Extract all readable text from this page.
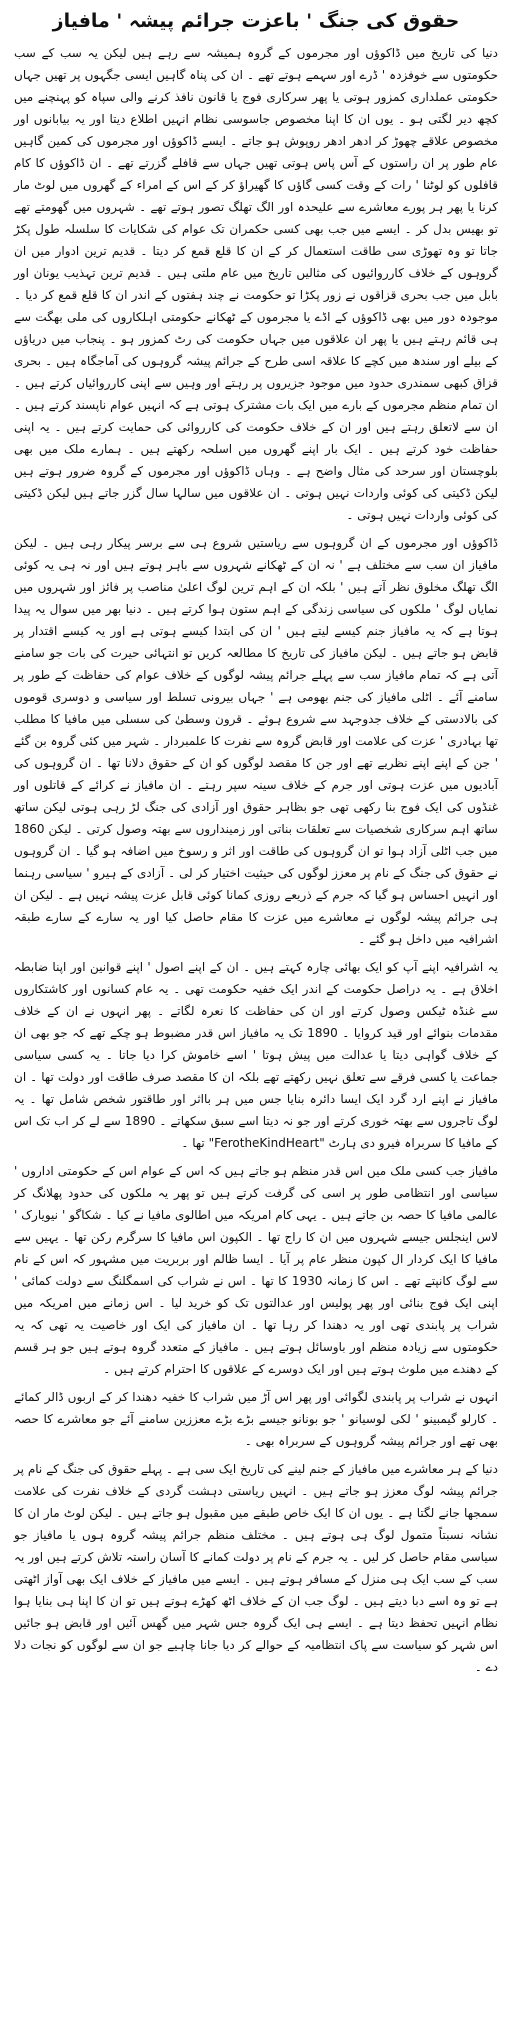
حقوق کی جنگ ' باعزت جرائم پیشہ ' مافیاز

دنیا کی تاریخ میں ڈاکوؤں اور مجرموں کے گروہ ہمیشہ سے رہے ہیں لیکن یہ سب کے سب حکومتوں سے خوفزدہ ' ڈرے اور سہمے ہوتے تھے ۔ ان کی پناہ گاہیں ایسی جگہوں پر تھیں جہاں حکومتی عملداری کمزور ہوتی یا پھر سرکاری فوج یا قانون نافذ کرنے والی سپاہ کو پہنچنے میں کچھ دیر لگتی ہو ۔ یوں ان کا اپنا مخصوص جاسوسی نظام انہیں اطلاع دیتا اور یہ بیابانوں اور مخصوص علاقے چھوڑ کر ادھر ادھر روپوش ہو جاتے ۔ ایسے ڈاکوؤں اور مجرموں کی کمین گاہیں عام طور پر ان راستوں کے آس پاس ہوتی تھیں جہاں سے قافلے گزرتے تھے ۔ ان ڈاکوؤں کا کام قافلوں کو لوٹنا ' رات کے وقت کسی گاؤں کا گھیراؤ کر کے اس کے امراء کے گھروں میں لوٹ مار کرنا یا پھر ہر پورے معاشرے سے علیحدہ اور الگ تھلگ تصور ہوتے تھے ۔ شہروں میں گھومتے تھے تو بھیس بدل کر ۔ ایسے میں جب بھی کسی حکمران تک عوام کی شکایات کا سلسلہ طول پکڑ جاتا تو وہ تھوڑی سی طاقت استعمال کر کے ان کا قلع قمع کر دیتا ۔ قدیم ترین ادوار میں ان گروہوں کے خلاف کارروائیوں کی مثالیں تاریخ میں عام ملتی ہیں ۔ قدیم ترین تہذیب یونان اور بابل میں جب بحری قزاقوں نے زور پکڑا تو حکومت نے چند ہفتوں کے اندر ان کا قلع قمع کر دیا ۔ موجودہ دور میں بھی ڈاکوؤں کے اڈے یا مجرموں کے ٹھکانے حکومتی اہلکاروں کی ملی بھگت سے ہی قائم رہتے ہیں یا پھر ان علاقوں میں جہاں حکومت کی رٹ کمزور ہو ۔ پنجاب میں دریاؤں کے بیلے اور سندھ میں کچے کا علاقہ اسی طرح کے جرائم پیشہ گروہوں کی آماجگاہ ہیں ۔ بحری قزاق کبھی سمندری حدود میں موجود جزیروں پر رہتے اور وہیں سے اپنی کارروائیاں کرتے ہیں ۔ ان تمام منظم مجرموں کے بارے میں ایک بات مشترک ہوتی ہے کہ انہیں عوام ناپسند کرتے ہیں ۔ ان سے لاتعلق رہتے ہیں اور ان کے خلاف حکومت کی کارروائی کی حمایت کرتے ہیں ۔ یہ اپنی حفاظت خود کرتے ہیں ۔ ایک بار اپنے گھروں میں اسلحہ رکھتے ہیں ۔ ہمارے ملک میں بھی بلوچستان اور سرحد کی مثال واضح ہے ۔ وہاں ڈاکوؤں اور مجرموں کے گروہ ضرور ہوتے ہیں لیکن ڈکیتی کی کوئی واردات نہیں ہوتی ۔ ان علاقوں میں سالہا سال گزر جاتے ہیں لیکن ڈکیتی کی کوئی واردات نہیں ہوتی ۔

ڈاکوؤں اور مجرموں کے ان گروہوں سے ریاستیں شروع ہی سے برسر پیکار رہی ہیں ۔ لیکن مافیاز ان سب سے مختلف ہے ' نہ ان کے ٹھکانے شہروں سے باہر ہوتے ہیں اور نہ ہی یہ کوئی الگ تھلگ مخلوق نظر آتے ہیں ' بلکہ ان کے اہم ترین لوگ اعلیٰ مناصب پر فائز اور شہروں میں نمایاں لوگ ' ملکوں کی سیاسی زندگی کے اہم ستون ہوا کرتے ہیں ۔ دنیا بھر میں سوال یہ پیدا ہوتا ہے کہ یہ مافیاز جنم کیسے لیتے ہیں ' ان کی ابتدا کیسے ہوتی ہے اور یہ کیسے اقتدار پر قابض ہو جاتے ہیں ۔ لیکن مافیاز کی تاریخ کا مطالعہ کریں تو انتہائی حیرت کی بات جو سامنے آتی ہے کہ تمام مافیاز سب سے پہلے جرائم پیشہ لوگوں کے خلاف عوام کی حفاظت کے طور پر سامنے آئے ۔ اٹلی مافیاز کی جنم بھومی ہے ' جہاں بیرونی تسلط اور سیاسی و دوسری قوموں کی بالادستی کے خلاف جدوجہد سے شروع ہوئے ۔ قرون وسطیٰ کی سسلی میں مافیا کا مطلب تھا بہادری ' عزت کی علامت اور قابض گروہ سے نفرت کا علمبردار ۔ شہر میں کئی گروہ بن گئے ' جن کے اپنے اپنے نظریے تھے اور جن کا مقصد لوگوں کو ان کے حقوق دلانا تھا ۔ ان گروہوں کی آبادیوں میں عزت ہوتی اور جرم کے خلاف سینہ سپر رہتے ۔ ان مافیاز نے کرائے کے قاتلوں اور غنڈوں کی ایک فوج بنا رکھی تھی جو بظاہر حقوق اور آزادی کی جنگ لڑ رہی ہوتی لیکن ساتھ ساتھ اہم سرکاری شخصیات سے تعلقات بناتی اور زمینداروں سے بھتہ وصول کرتی ۔ لیکن 1860 میں جب اٹلی آزاد ہوا تو ان گروہوں کی طاقت اور اثر و رسوخ میں اضافہ ہو گیا ۔ ان گروہوں نے حقوق کی جنگ کے نام پر معزز لوگوں کی حیثیت اختیار کر لی ۔ آزادی کے ہیرو ' سیاسی رہنما اور انہیں احساس ہو گیا کہ جرم کے ذریعے روزی کمانا کوئی قابل عزت پیشہ نہیں ہے ۔ لیکن ان ہی جرائم پیشہ لوگوں نے معاشرے میں عزت کا مقام حاصل کیا اور یہ سارے کے سارے طبقہ اشرافیہ میں داخل ہو گئے ۔

یہ اشرافیہ اپنے آپ کو ایک بھائی چارہ کہتے ہیں ۔ ان کے اپنے اصول ' اپنے قوانین اور اپنا ضابطہ اخلاق ہے ۔ یہ دراصل حکومت کے اندر ایک خفیہ حکومت تھی ۔ یہ عام کسانوں اور کاشتکاروں سے غنڈہ ٹیکس وصول کرتے اور ان کی حفاظت کا نعرہ لگاتے ۔ پھر انہوں نے ان کے خلاف مقدمات بنوائے اور قید کروایا ۔ 1890 تک یہ مافیاز اس قدر مضبوط ہو چکے تھے کہ جو بھی ان کے خلاف گواہی دیتا یا عدالت میں پیش ہوتا ' اسے خاموش کرا دیا جاتا ۔ یہ کسی سیاسی جماعت یا کسی فرقے سے تعلق نہیں رکھتے تھے بلکہ ان کا مقصد صرف طاقت اور دولت تھا ۔ ان مافیاز نے اپنے ارد گرد ایک ایسا دائرہ بنایا جس میں ہر بااثر اور طاقتور شخص شامل تھا ۔ یہ لوگ تاجروں سے بھتہ خوری کرتے اور جو نہ دیتا اسے سبق سکھاتے ۔ 1890 سے لے کر اب تک اس کے مافیا کا سربراہ فیرو دی ہارٹ "FerotheKindHeart" تھا ۔

مافیاز جب کسی ملک میں اس قدر منظم ہو جاتے ہیں کہ اس کے عوام اس کے حکومتی اداروں ' سیاسی اور انتظامی طور پر اسی کی گرفت کرتے ہیں تو پھر یہ ملکوں کی حدود پھلانگ کر عالمی مافیا کا حصہ بن جاتے ہیں ۔ یہی کام امریکہ میں اطالوی مافیا نے کیا ۔ شکاگو ' نیویارک ' لاس اینجلس جیسے شہروں میں ان کا راج تھا ۔ الکپون اس مافیا کا سرگرم رکن تھا ۔ یہیں سے مافیا کا ایک کردار ال کپون منظر عام پر آیا ۔ ایسا ظالم اور بربریت میں مشہور کہ اس کے نام سے لوگ کانپتے تھے ۔ اس کا زمانہ 1930 کا تھا ۔ اس نے شراب کی اسمگلنگ سے دولت کمائی ' اپنی ایک فوج بنائی اور پھر پولیس اور عدالتوں تک کو خرید لیا ۔ اس زمانے میں امریکہ میں شراب پر پابندی تھی اور یہ دھندا کر رہا تھا ۔ ان مافیاز کی ایک اور خاصیت یہ تھی کہ یہ حکومتوں سے زیادہ منظم اور باوسائل ہوتے ہیں ۔ مافیاز کے متعدد گروہ ہوتے ہیں جو ہر قسم کے دھندے میں ملوث ہوتے ہیں اور ایک دوسرے کے علاقوں کا احترام کرتے ہیں ۔

انہوں نے شراب پر پابندی لگوائی اور پھر اس آڑ میں شراب کا خفیہ دھندا کر کے اربوں ڈالر کمائے ۔ کارلو گیمبینو ' لکی لوسیانو ' جو بونانو جیسے بڑے بڑے معززین سامنے آئے جو معاشرے کا حصہ بھی تھے اور جرائم پیشہ گروہوں کے سربراہ بھی ۔

دنیا کے ہر معاشرے میں مافیاز کے جنم لینے کی تاریخ ایک سی ہے ۔ پہلے حقوق کی جنگ کے نام پر جرائم پیشہ لوگ معزز ہو جاتے ہیں ۔ انہیں ریاستی دہشت گردی کے خلاف نفرت کی علامت سمجھا جانے لگتا ہے ۔ یوں ان کا ایک خاص طبقے میں مقبول ہو جاتے ہیں ۔ لیکن لوٹ مار ان کا نشانہ نسبتاً متمول لوگ ہی ہوتے ہیں ۔ مختلف منظم جرائم پیشہ گروہ ہوں یا مافیاز جو سیاسی مقام حاصل کر لیں ۔ یہ جرم کے نام پر دولت کمانے کا آسان راستہ تلاش کرتے ہیں اور یہ سب کے سب ایک ہی منزل کے مسافر ہوتے ہیں ۔ ایسے میں مافیاز کے خلاف ایک بھی آواز اٹھتی ہے تو وہ اسے دبا دیتے ہیں ۔ لوگ جب ان کے خلاف اٹھ کھڑے ہوتے ہیں تو ان کا اپنا ہی بنایا ہوا نظام انہیں تحفظ دیتا ہے ۔ ایسے ہی ایک گروہ جس شہر میں گھس آئیں اور قابض ہو جائیں اس شہر کو سیاست سے پاک انتظامیہ کے حوالے کر دیا جانا چاہیے جو ان سے لوگوں کو نجات دلا دے ۔
